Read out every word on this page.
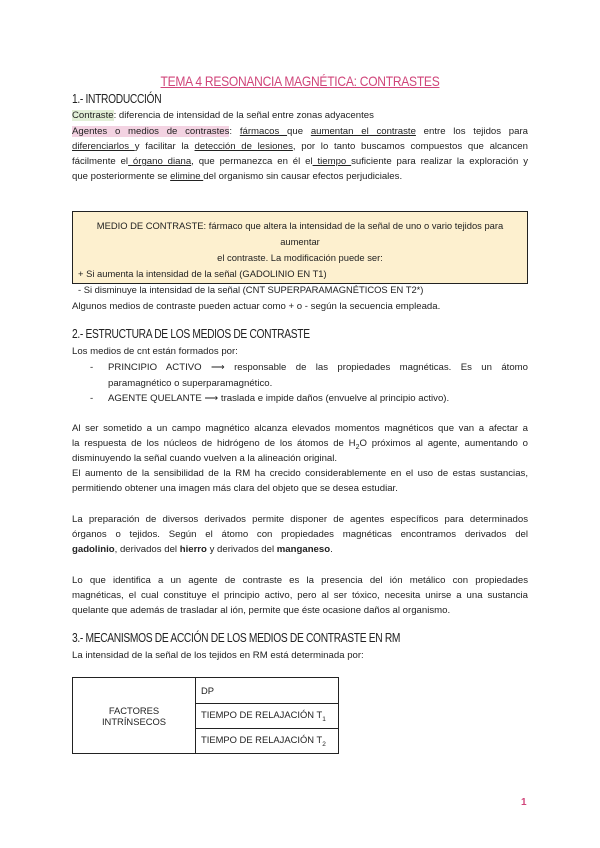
TEMA 4 RESONANCIA MAGNÉTICA: CONTRASTES
1.- INTRODUCCIÓN
Contraste: diferencia de intensidad de la señal entre zonas adyacentes
Agentes o medios de contrastes: fármacos que aumentan el contraste entre los tejidos para
diferenciarlos y facilitar la detección de lesiones, por lo tanto buscamos compuestos que alcancen
fácilmente el órgano diana, que permanezca en él el tiempo suficiente para realizar la exploración y
que posteriormente se elimine del organismo sin causar efectos perjudiciales.
MEDIO DE CONTRASTE: fármaco que altera la intensidad de la señal de uno o vario tejidos para aumentar
el contraste. La modificación puede ser:
+ Si aumenta la intensidad de la señal (GADOLINIO EN T1)
- Si disminuye la intensidad de la señal (CNT SUPERPARAMAGNÉTICOS EN T2*)
Algunos medios de contraste pueden actuar como + o - según la secuencia empleada.
2.- ESTRUCTURA DE LOS MEDIOS DE CONTRASTE
Los medios de cnt están formados por:
- PRINCIPIO ACTIVO ⟶ responsable de las propiedades magnéticas. Es un átomo
paramagnético o superparamagnético.
- AGENTE QUELANTE ⟶ traslada e impide daños (envuelve al principio activo).
Al ser sometido a un campo magnético alcanza elevados momentos magnéticos que van a afectar a
la respuesta de los núcleos de hidrógeno de los átomos de $H_2O$ próximos al agente, aumentando o
disminuyendo la señal cuando vuelven a la alineación original.
El aumento de la sensibilidad de la RM ha crecido considerablemente en el uso de estas sustancias,
permitiendo obtener una imagen más clara del objeto que se desea estudiar.
La preparación de diversos derivados permite disponer de agentes específicos para determinados
órganos o tejidos. Según el átomo con propiedades magnéticas encontramos derivados del
gadolinio, derivados del hierro y derivados del manganeso.
Lo que identifica a un agente de contraste es la presencia del ión metálico con propiedades
magnéticas, el cual constituye el principio activo, pero al ser tóxico, necesita unirse a una sustancia
quelante que además de trasladar al ión, permite que éste ocasione daños al organismo.
3.- MECANISMOS DE ACCIÓN DE LOS MEDIOS DE CONTRASTE EN RM
La intensidad de la señal de los tejidos en RM está determinada por:
FACTORES INTRÍNSECOS	DP
TIEMPO DE RELAJACIÓN $T_1$
TIEMPO DE RELAJACIÓN $T_2$
1
